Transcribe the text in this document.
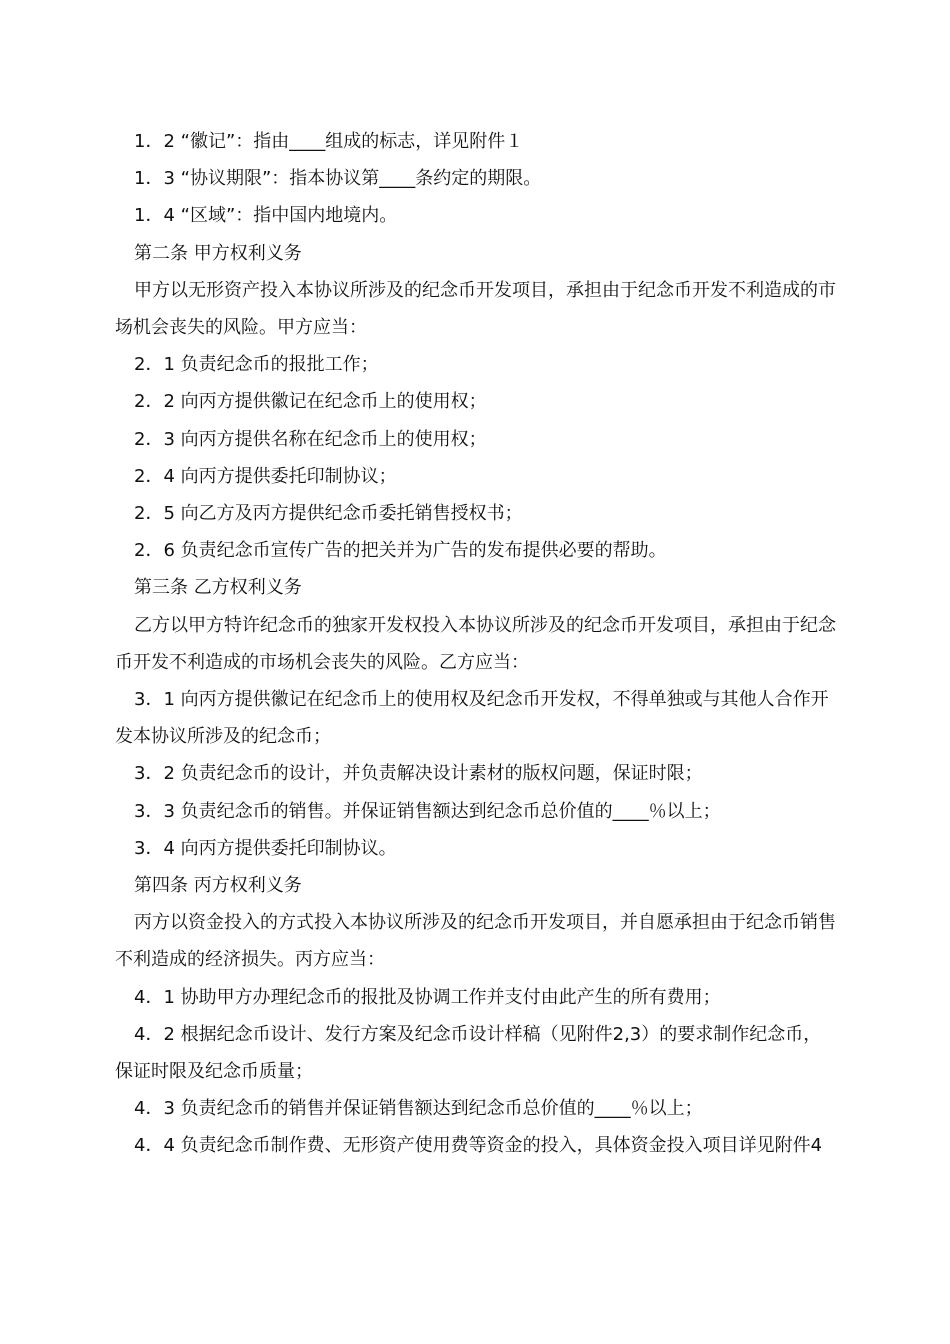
1．2 “徽记”：指由____组成的标志，详见附件１

1．3 “协议期限”：指本协议第____条约定的期限。

1．4 “区域”：指中国内地境内。

第二条 甲方权利义务

甲方以无形资产投入本协议所涉及的纪念币开发项目，承担由于纪念币开发不利造成的市场机会丧失的风险。甲方应当：

2．1 负责纪念币的报批工作；

2．2 向丙方提供徽记在纪念币上的使用权；

2．3 向丙方提供名称在纪念币上的使用权；

2．4 向丙方提供委托印制协议；

2．5 向乙方及丙方提供纪念币委托销售授权书；

2．6 负责纪念币宣传广告的把关并为广告的发布提供必要的帮助。

第三条 乙方权利义务

乙方以甲方特许纪念币的独家开发权投入本协议所涉及的纪念币开发项目，承担由于纪念币开发不利造成的市场机会丧失的风险。乙方应当：

3．1 向丙方提供徽记在纪念币上的使用权及纪念币开发权，不得单独或与其他人合作开发本协议所涉及的纪念币；

3．2 负责纪念币的设计，并负责解决设计素材的版权问题，保证时限；

3．3 负责纪念币的销售。并保证销售额达到纪念币总价值的____％以上；

3．4 向丙方提供委托印制协议。

第四条 丙方权利义务

丙方以资金投入的方式投入本协议所涉及的纪念币开发项目，并自愿承担由于纪念币销售不利造成的经济损失。丙方应当：

4．1 协助甲方办理纪念币的报批及协调工作并支付由此产生的所有费用；

4．2 根据纪念币设计、发行方案及纪念币设计样稿（见附件2,3）的要求制作纪念币，保证时限及纪念币质量；

4．3 负责纪念币的销售并保证销售额达到纪念币总价值的____％以上；

4．4 负责纪念币制作费、无形资产使用费等资金的投入，具体资金投入项目详见附件4
